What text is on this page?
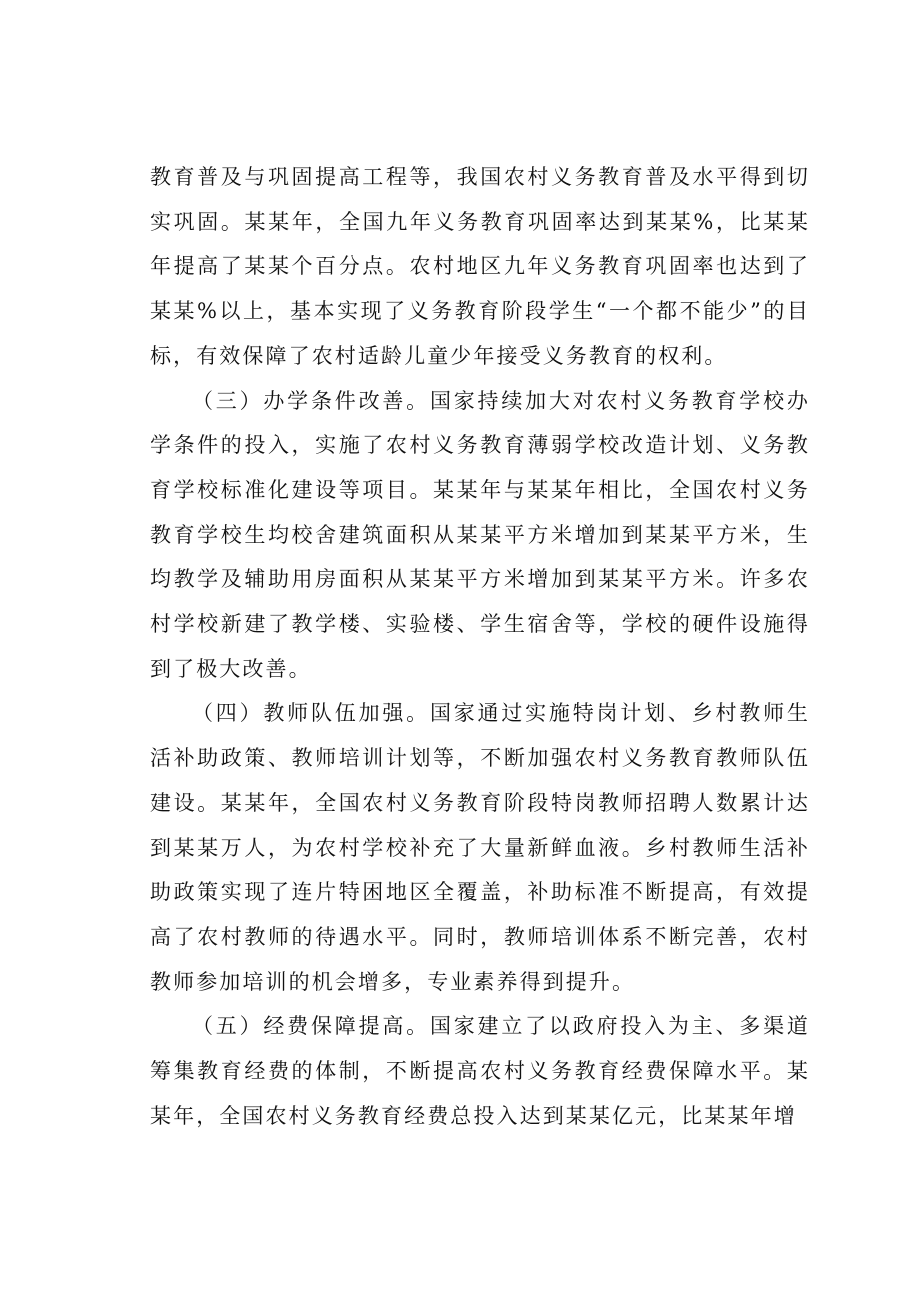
教育普及与巩固提高工程等，我国农村义务教育普及水平得到切实巩固。某某年，全国九年义务教育巩固率达到某某%，比某某年提高了某某个百分点。农村地区九年义务教育巩固率也达到了某某%以上，基本实现了义务教育阶段学生“一个都不能少”的目标，有效保障了农村适龄儿童少年接受义务教育的权利。

（三）办学条件改善。国家持续加大对农村义务教育学校办学条件的投入，实施了农村义务教育薄弱学校改造计划、义务教育学校标准化建设等项目。某某年与某某年相比，全国农村义务教育学校生均校舍建筑面积从某某平方米增加到某某平方米，生均教学及辅助用房面积从某某平方米增加到某某平方米。许多农村学校新建了教学楼、实验楼、学生宿舍等，学校的硬件设施得到了极大改善。

（四）教师队伍加强。国家通过实施特岗计划、乡村教师生活补助政策、教师培训计划等，不断加强农村义务教育教师队伍建设。某某年，全国农村义务教育阶段特岗教师招聘人数累计达到某某万人，为农村学校补充了大量新鲜血液。乡村教师生活补助政策实现了连片特困地区全覆盖，补助标准不断提高，有效提高了农村教师的待遇水平。同时，教师培训体系不断完善，农村教师参加培训的机会增多，专业素养得到提升。

（五）经费保障提高。国家建立了以政府投入为主、多渠道筹集教育经费的体制，不断提高农村义务教育经费保障水平。某某年，全国农村义务教育经费总投入达到某某亿元，比某某年增
